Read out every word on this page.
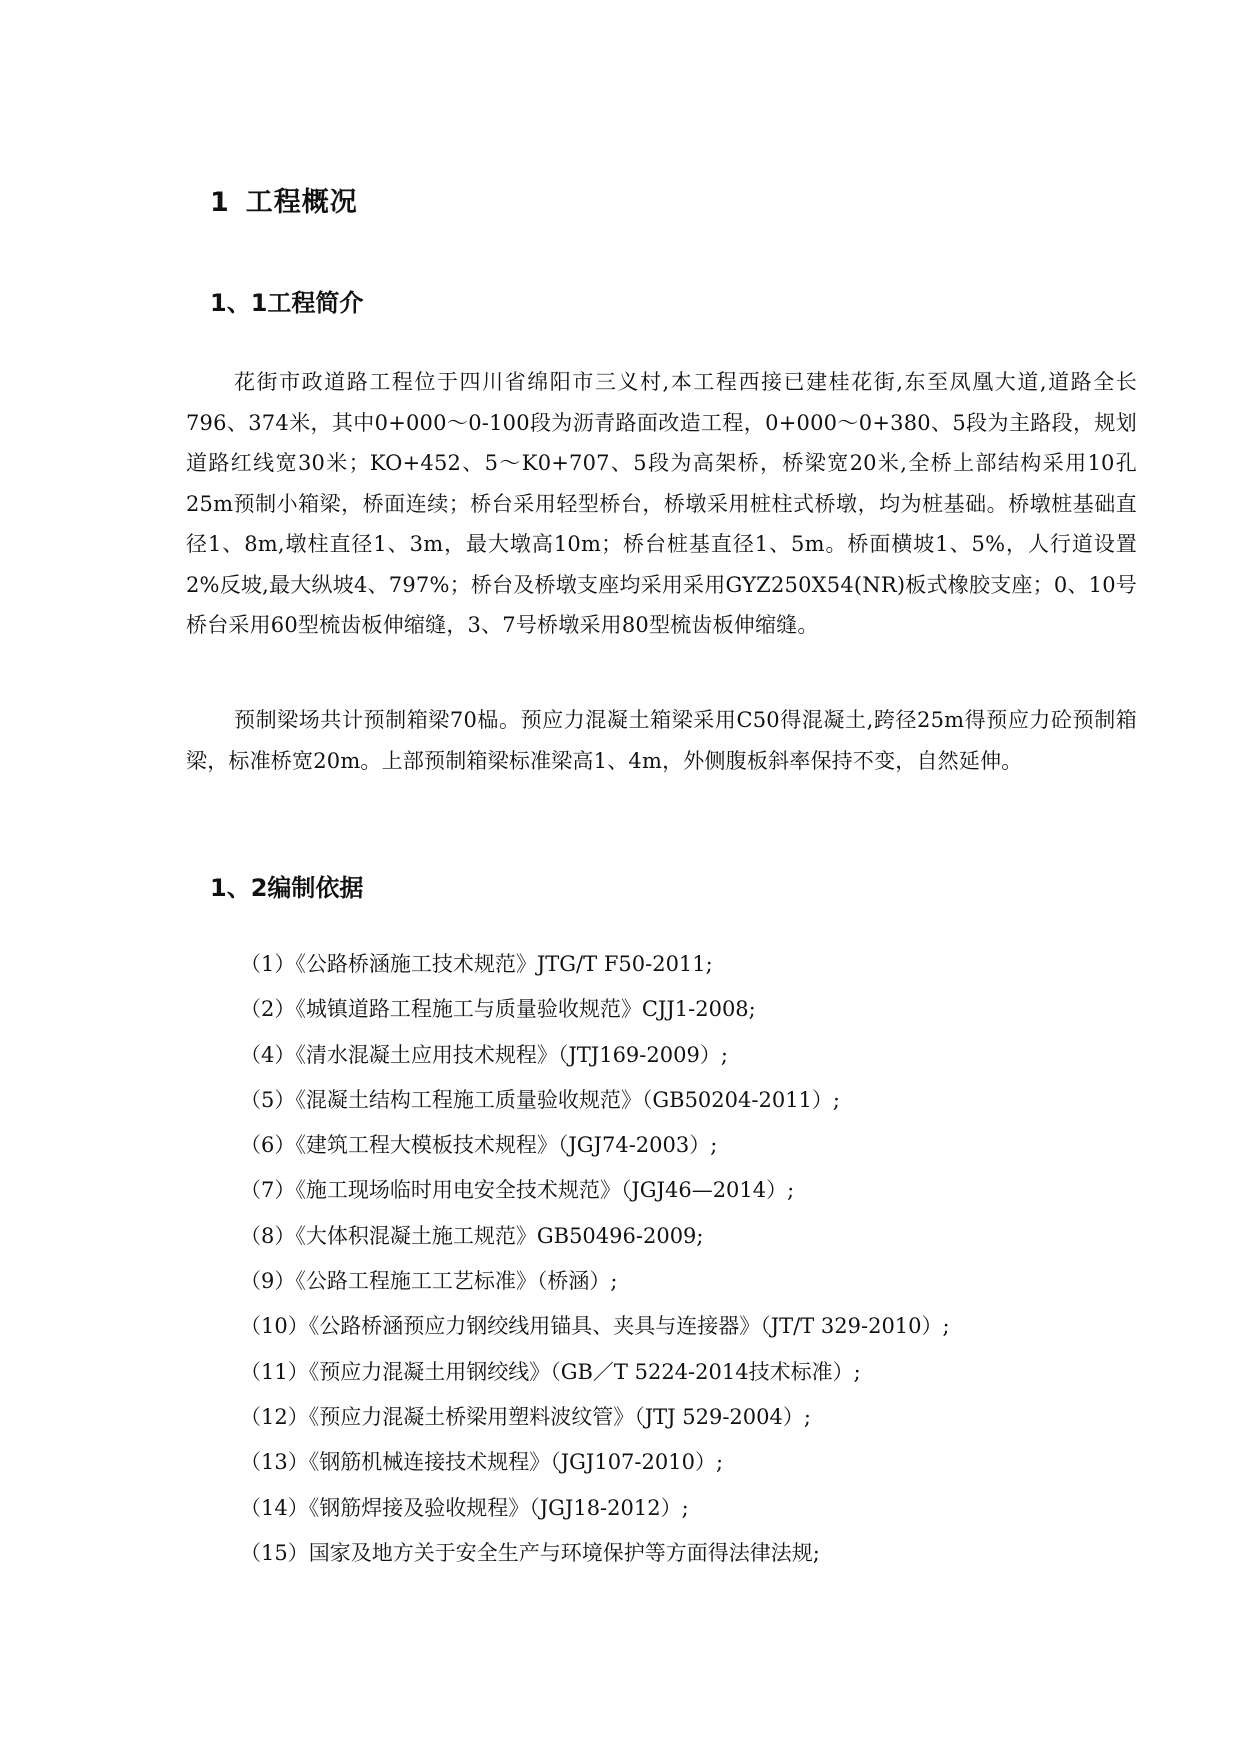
1 工程概况
1、1工程简介

花街市政道路工程位于四川省绵阳市三义村,本工程西接已建桂花街,东至凤凰大道,道路全长796、374米，其中0+000～0-100段为沥青路面改造工程，0+000～0+380、5段为主路段，规划道路红线宽30米；KO+452、5～K0+707、5段为高架桥，桥梁宽20米,全桥上部结构采用10孔25m预制小箱梁，桥面连续；桥台采用轻型桥台，桥墩采用桩柱式桥墩，均为桩基础。桥墩桩基础直径1、8m,墩柱直径1、3m，最大墩高10m；桥台桩基直径1、5m。桥面横坡1、5%，人行道设置2%反坡,最大纵坡4、797%；桥台及桥墩支座均采用采用GYZ250X54(NR)板式橡胶支座；0、10号桥台采用60型梳齿板伸缩缝，3、7号桥墩采用80型梳齿板伸缩缝。

预制梁场共计预制箱梁70榀。预应力混凝土箱梁采用C50得混凝土,跨径25m得预应力砼预制箱梁，标准桥宽20m。上部预制箱梁标准梁高1、4m，外侧腹板斜率保持不变，自然延伸。

1、2编制依据
（1）《公路桥涵施工技术规范》JTG/T F50-2011;
（2）《城镇道路工程施工与质量验收规范》CJJ1-2008;
（4）《清水混凝土应用技术规程》（JTJ169-2009）;
（5）《混凝土结构工程施工质量验收规范》（GB50204-2011）;
（6）《建筑工程大模板技术规程》（JGJ74-2003）;
（7）《施工现场临时用电安全技术规范》（JGJ46—2014）;
（8）《大体积混凝土施工规范》GB50496-2009;
（9）《公路工程施工工艺标准》（桥涵）;
（10）《公路桥涵预应力钢绞线用锚具、夹具与连接器》（JT/T 329-2010）;
（11）《预应力混凝土用钢绞线》（GB／T 5224-2014技术标准）;
（12）《预应力混凝土桥梁用塑料波纹管》（JTJ 529-2004）;
（13）《钢筋机械连接技术规程》（JGJ107-2010）;
（14）《钢筋焊接及验收规程》（JGJ18-2012）;
（15）国家及地方关于安全生产与环境保护等方面得法律法规;
